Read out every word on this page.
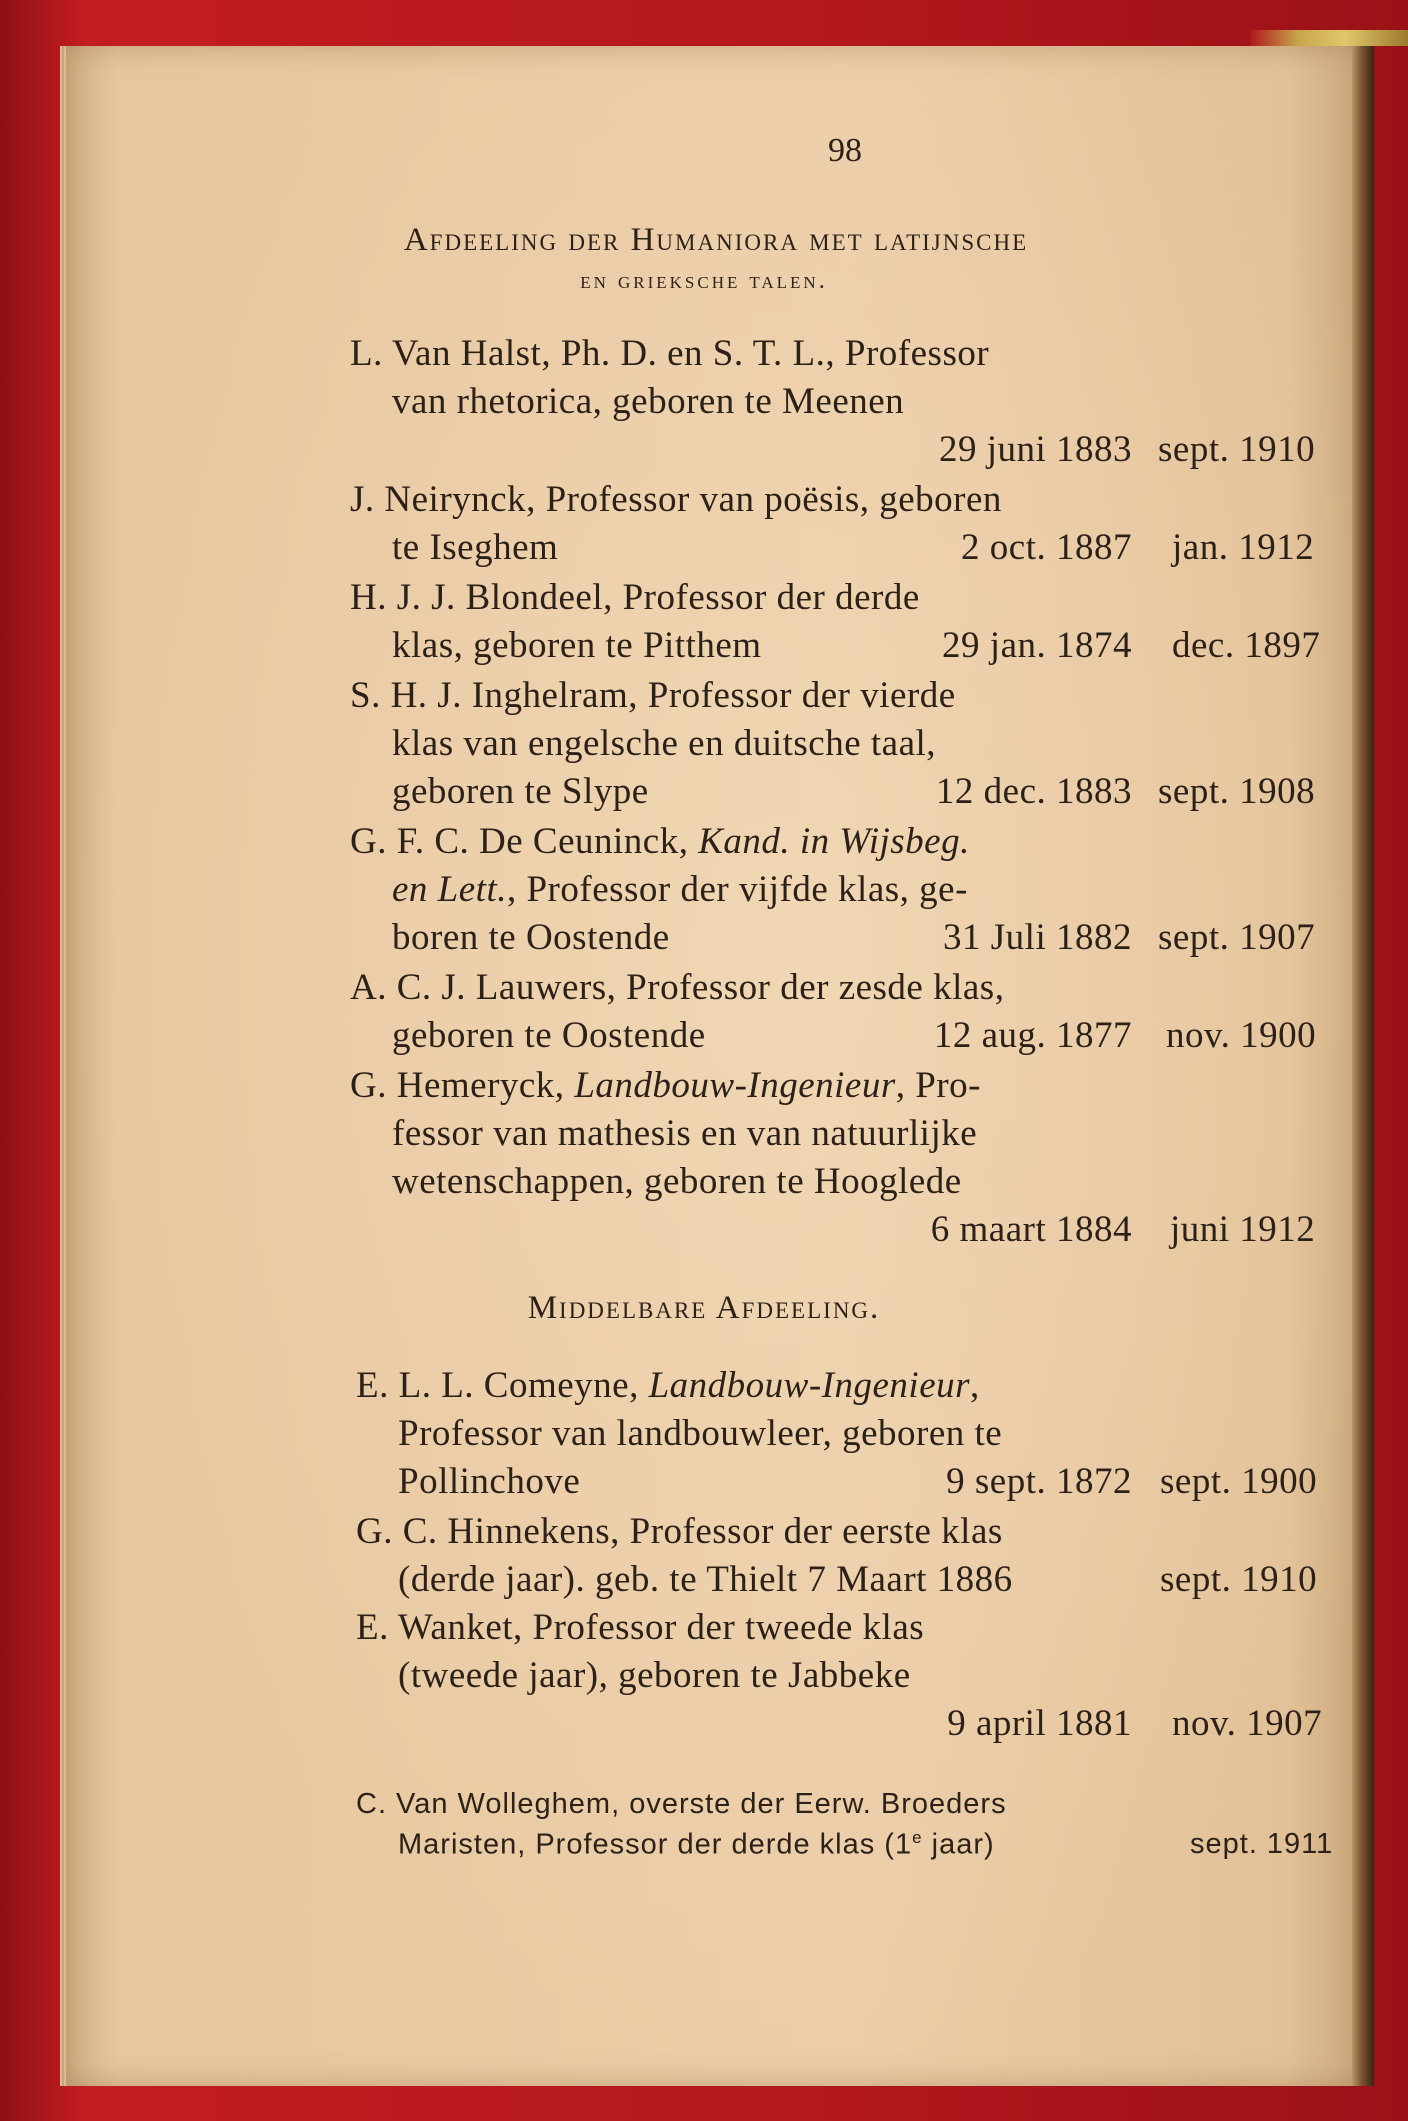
98
Afdeeling der Humaniora met latijnsche
en grieksche talen.
L. Van Halst, Ph. D. en S. T. L., Professor
van rhetorica, geboren te Meenen
29 juni 1883 sept. 1910
J. Neirynck, Professor van poësis, geboren
te Iseghem	2 oct. 1887 jan. 1912
H. J. J. Blondeel, Professor der derde
klas, geboren te Pitthem	29 jan. 1874 dec. 1897
S. H. J. Inghelram, Professor der vierde
klas van engelsche en duitsche taal,
geboren te Slype	12 dec. 1883 sept. 1908
G. F. C. De Ceuninck, Kand. in Wijsbeg.
en Lett., Professor der vijfde klas, ge-
boren te Oostende	31 Juli 1882 sept. 1907
A. C. J. Lauwers, Professor der zesde klas,
geboren te Oostende	12 aug. 1877 nov. 1900
G. Hemeryck, Landbouw-Ingenieur, Pro-
fessor van mathesis en van natuurlijke
wetenschappen, geboren te Hooglede
6 maart 1884 juni 1912
Middelbare Afdeeling.
E. L. L. Comeyne, Landbouw-Ingenieur,
Professor van landbouwleer, geboren te
Pollinchove	9 sept. 1872 sept. 1900
G. C. Hinnekens, Professor der eerste klas
(derde jaar). geb. te Thielt 7 Maart 1886	sept. 1910
E. Wanket, Professor der tweede klas
(tweede jaar), geboren te Jabbeke
9 april 1881 nov. 1907
C. Van Wolleghem, overste der Eerw. Broeders
Maristen, Professor der derde klas (1e jaar)	sept. 1911
